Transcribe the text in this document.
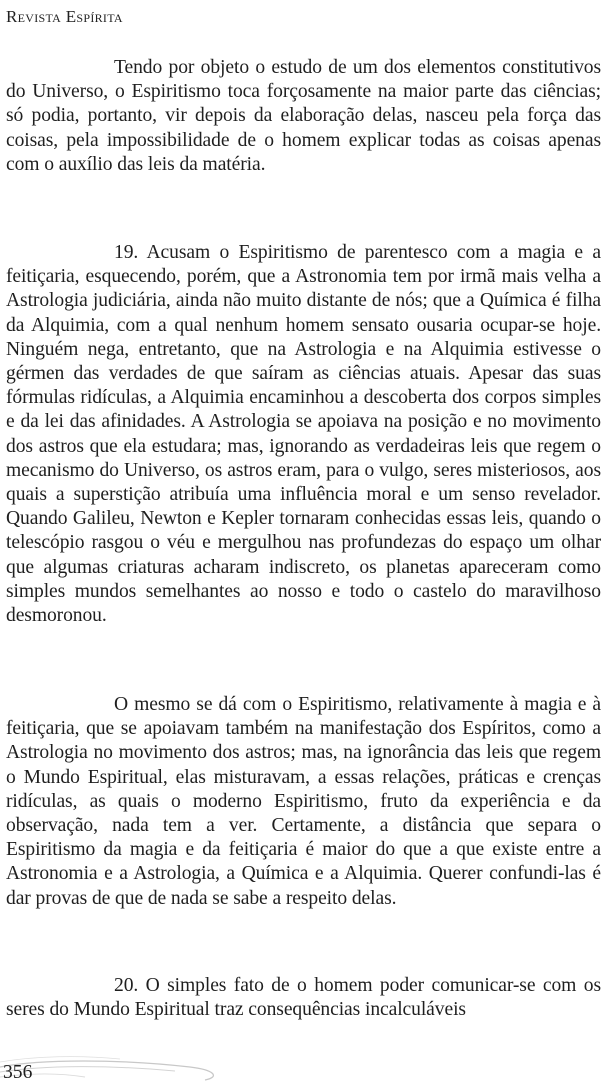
Revista Espírita

Tendo por objeto o estudo de um dos elementos constitutivos do Universo, o Espiritismo toca forçosamente na maior parte das ciências; só podia, portanto, vir depois da elaboração delas, nasceu pela força das coisas, pela impossibilidade de o homem explicar todas as coisas apenas com o auxílio das leis da matéria.

19. Acusam o Espiritismo de parentesco com a magia e a feitiçaria, esquecendo, porém, que a Astronomia tem por irmã mais velha a Astrologia judiciária, ainda não muito distante de nós; que a Química é filha da Alquimia, com a qual nenhum homem sensato ousaria ocupar-se hoje. Ninguém nega, entretanto, que na Astrologia e na Alquimia estivesse o gérmen das verdades de que saíram as ciências atuais. Apesar das suas fórmulas ridículas, a Alquimia encaminhou a descoberta dos corpos simples e da lei das afinidades. A Astrologia se apoiava na posição e no movimento dos astros que ela estudara; mas, ignorando as verdadeiras leis que regem o mecanismo do Universo, os astros eram, para o vulgo, seres misteriosos, aos quais a superstição atribuía uma influência moral e um senso revelador. Quando Galileu, Newton e Kepler tornaram conhecidas essas leis, quando o telescópio rasgou o véu e mergulhou nas profundezas do espaço um olhar que algumas criaturas acharam indiscreto, os planetas apareceram como simples mundos semelhantes ao nosso e todo o castelo do maravilhoso desmoronou.

O mesmo se dá com o Espiritismo, relativamente à magia e à feitiçaria, que se apoiavam também na manifestação dos Espíritos, como a Astrologia no movimento dos astros; mas, na ignorância das leis que regem o Mundo Espiritual, elas misturavam, a essas relações, práticas e crenças ridículas, as quais o moderno Espiritismo, fruto da experiência e da observação, nada tem a ver. Certamente, a distância que separa o Espiritismo da magia e da feitiçaria é maior do que a que existe entre a Astronomia e a Astrologia, a Química e a Alquimia. Querer confundi-las é dar provas de que de nada se sabe a respeito delas.

20. O simples fato de o homem poder comunicar-se com os seres do Mundo Espiritual traz consequências incalculáveis

356
